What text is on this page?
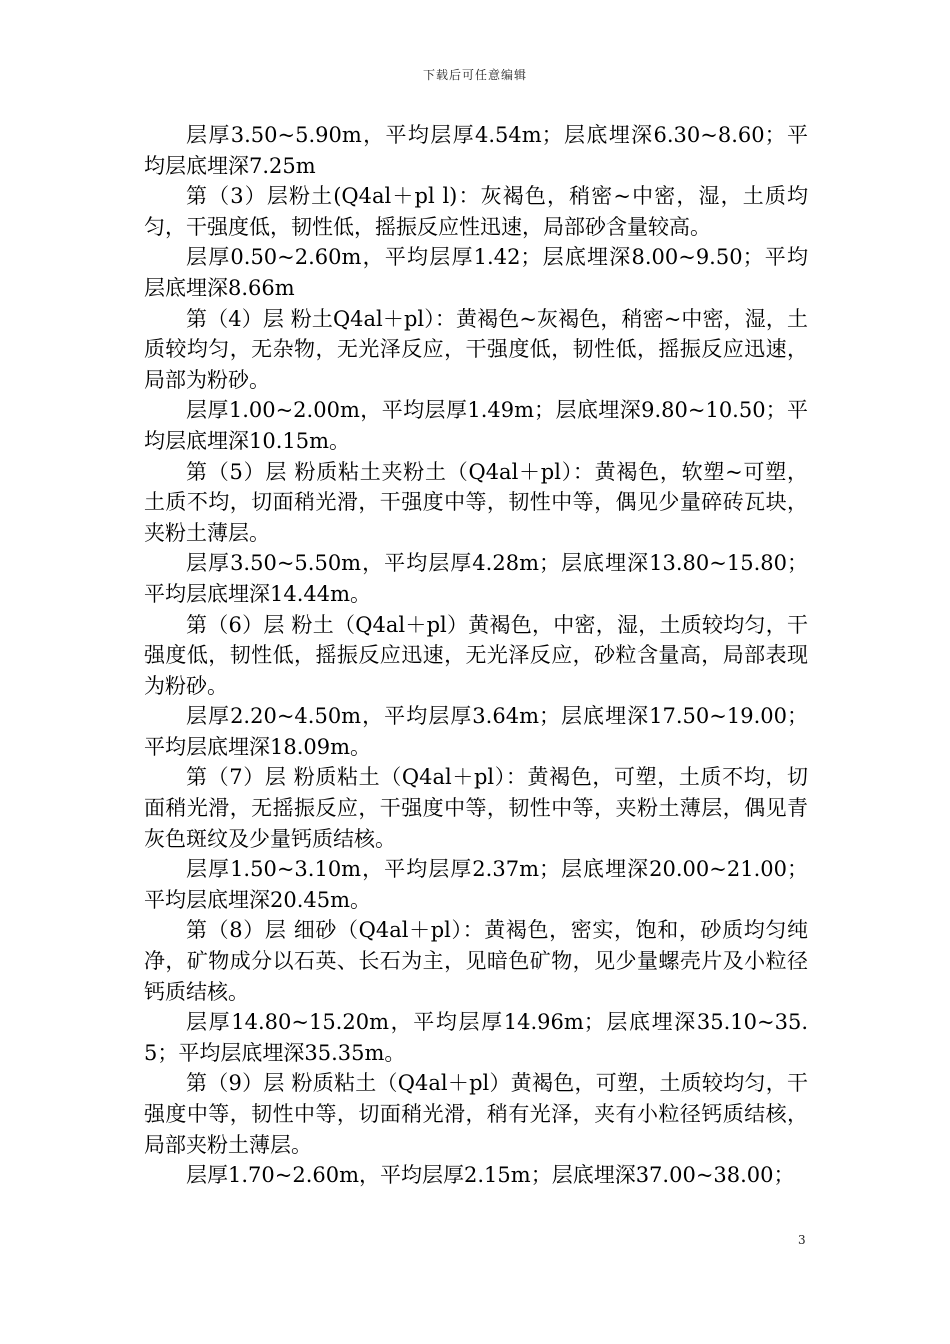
下载后可任意编辑

层厚3.50~5.90m，平均层厚4.54m；层底埋深6.30~8.60；平均层底埋深7.25m

第（3）层粉土(Q4al＋pl l)：灰褐色，稍密~中密，湿，土质均匀，干强度低，韧性低，摇振反应性迅速，局部砂含量较高。

层厚0.50~2.60m，平均层厚1.42；层底埋深8.00~9.50；平均层底埋深8.66m

第（4）层 粉土Q4al＋pl）：黄褐色~灰褐色，稍密~中密，湿，土质较均匀，无杂物，无光泽反应，干强度低，韧性低，摇振反应迅速，局部为粉砂。

层厚1.00~2.00m，平均层厚1.49m；层底埋深9.80~10.50；平均层底埋深10.15m。

第（5）层 粉质粘土夹粉土（Q4al＋pl）：黄褐色，软塑~可塑，土质不均，切面稍光滑，干强度中等，韧性中等，偶见少量碎砖瓦块，夹粉土薄层。

层厚3.50~5.50m，平均层厚4.28m；层底埋深13.80~15.80；平均层底埋深14.44m。

第（6）层 粉土（Q4al＋pl）黄褐色，中密，湿，土质较均匀，干强度低，韧性低，摇振反应迅速，无光泽反应，砂粒含量高，局部表现为粉砂。

层厚2.20~4.50m，平均层厚3.64m；层底埋深17.50~19.00；平均层底埋深18.09m。

第（7）层 粉质粘土（Q4al＋pl）：黄褐色，可塑，土质不均，切面稍光滑，无摇振反应，干强度中等，韧性中等，夹粉土薄层，偶见青灰色斑纹及少量钙质结核。

层厚1.50~3.10m，平均层厚2.37m；层底埋深20.00~21.00；平均层底埋深20.45m。

第（8）层 细砂（Q4al＋pl）：黄褐色，密实，饱和，砂质均匀纯净，矿物成分以石英、长石为主，见暗色矿物，见少量螺壳片及小粒径钙质结核。

层厚14.80~15.20m，平均层厚14.96m；层底埋深35.10~35.5；平均层底埋深35.35m。

第（9）层 粉质粘土（Q4al＋pl）黄褐色，可塑，土质较均匀，干强度中等，韧性中等，切面稍光滑，稍有光泽，夹有小粒径钙质结核，局部夹粉土薄层。

层厚1.70~2.60m，平均层厚2.15m；层底埋深37.00~38.00；

3
